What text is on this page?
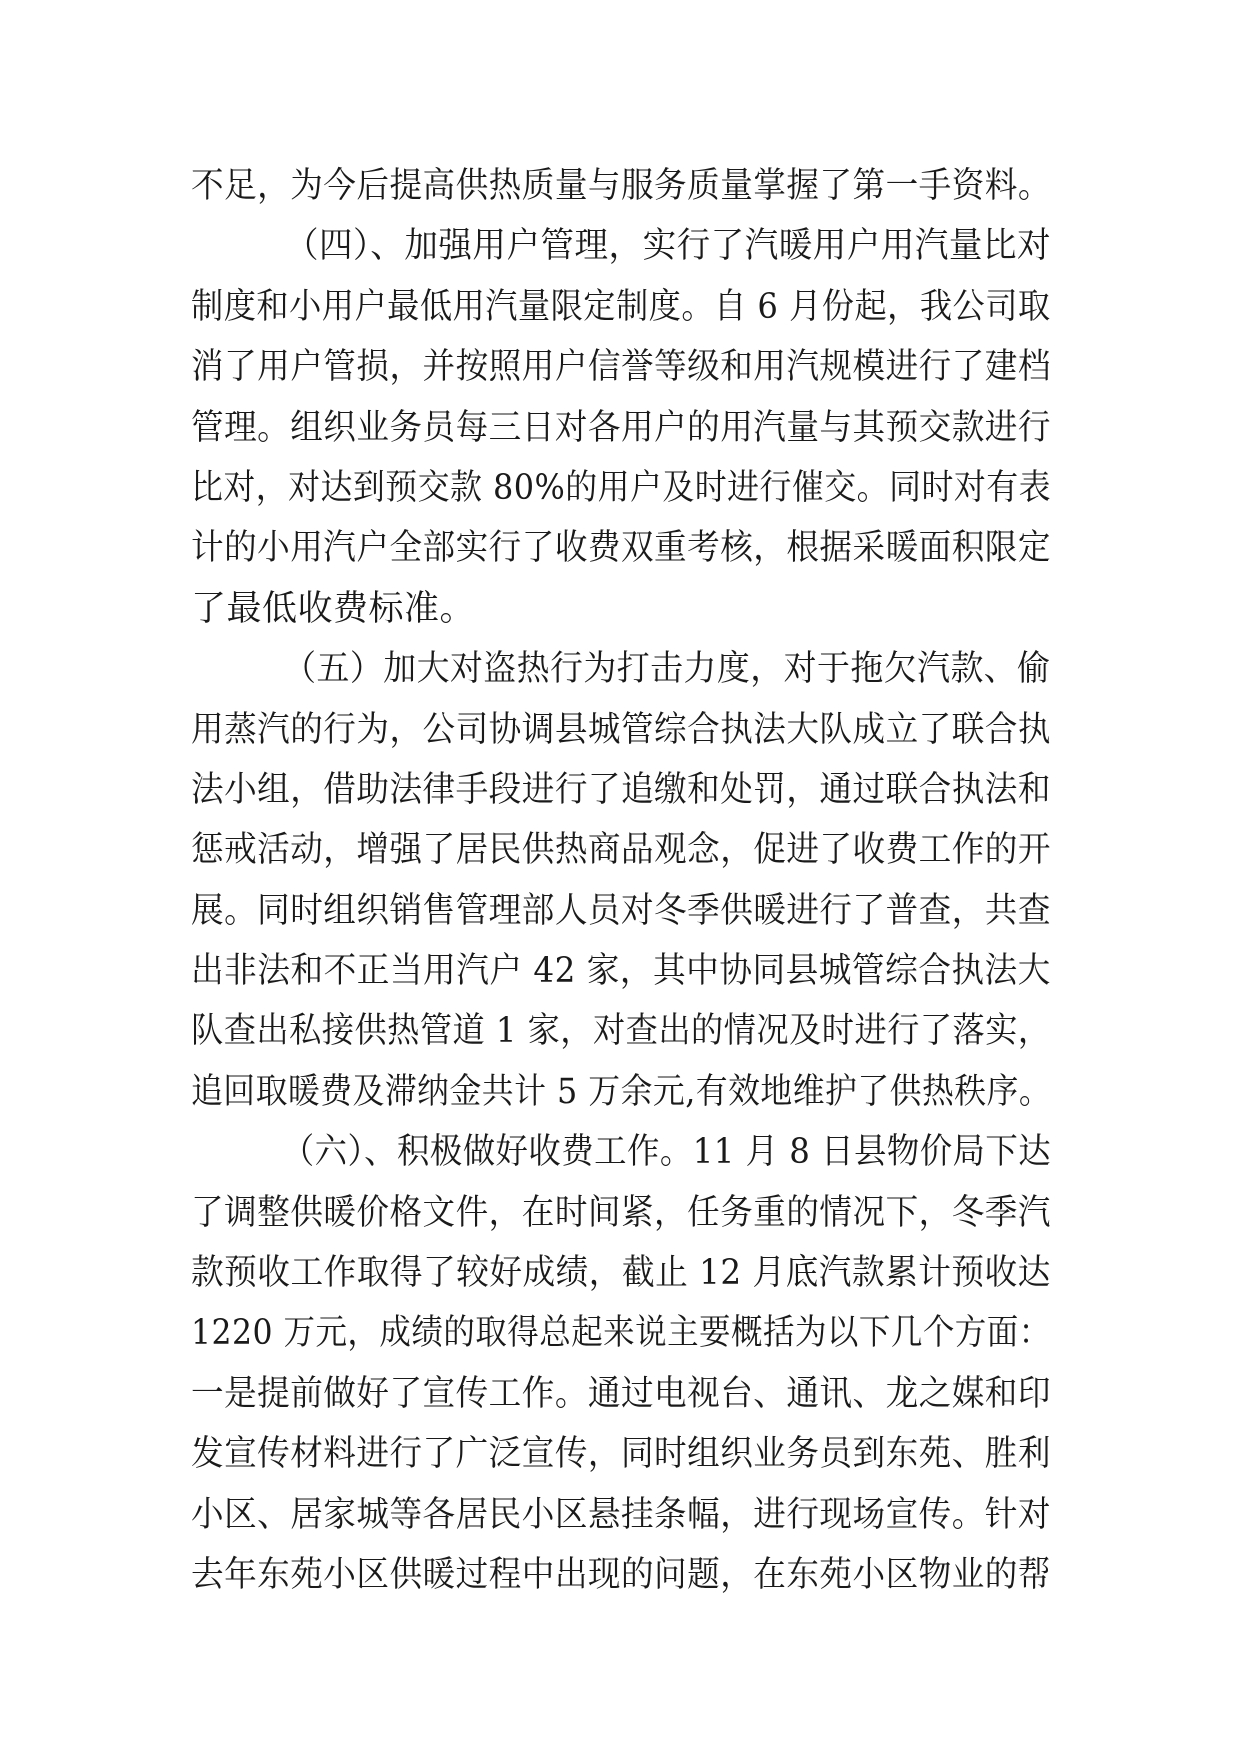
不足，为今后提高供热质量与服务质量掌握了第一手资料。
（四）、加强用户管理，实行了汽暖用户用汽量比对
制度和小用户最低用汽量限定制度。自 6 月份起，我公司取
消了用户管损，并按照用户信誉等级和用汽规模进行了建档
管理。组织业务员每三日对各用户的用汽量与其预交款进行
比对，对达到预交款 80%的用户及时进行催交。同时对有表
计的小用汽户全部实行了收费双重考核，根据采暖面积限定
了最低收费标准。
（五）加大对盗热行为打击力度，对于拖欠汽款、偷
用蒸汽的行为，公司协调县城管综合执法大队成立了联合执
法小组，借助法律手段进行了追缴和处罚，通过联合执法和
惩戒活动，增强了居民供热商品观念，促进了收费工作的开
展。同时组织销售管理部人员对冬季供暖进行了普查，共查
出非法和不正当用汽户 42 家，其中协同县城管综合执法大
队查出私接供热管道 1 家，对查出的情况及时进行了落实，
追回取暖费及滞纳金共计 5 万余元,有效地维护了供热秩序。
（六）、积极做好收费工作。11 月 8 日县物价局下达
了调整供暖价格文件，在时间紧，任务重的情况下，冬季汽
款预收工作取得了较好成绩，截止 12 月底汽款累计预收达
1220 万元，成绩的取得总起来说主要概括为以下几个方面：
一是提前做好了宣传工作。通过电视台、通讯、龙之媒和印
发宣传材料进行了广泛宣传，同时组织业务员到东苑、胜利
小区、居家城等各居民小区悬挂条幅，进行现场宣传。针对
去年东苑小区供暖过程中出现的问题，在东苑小区物业的帮
